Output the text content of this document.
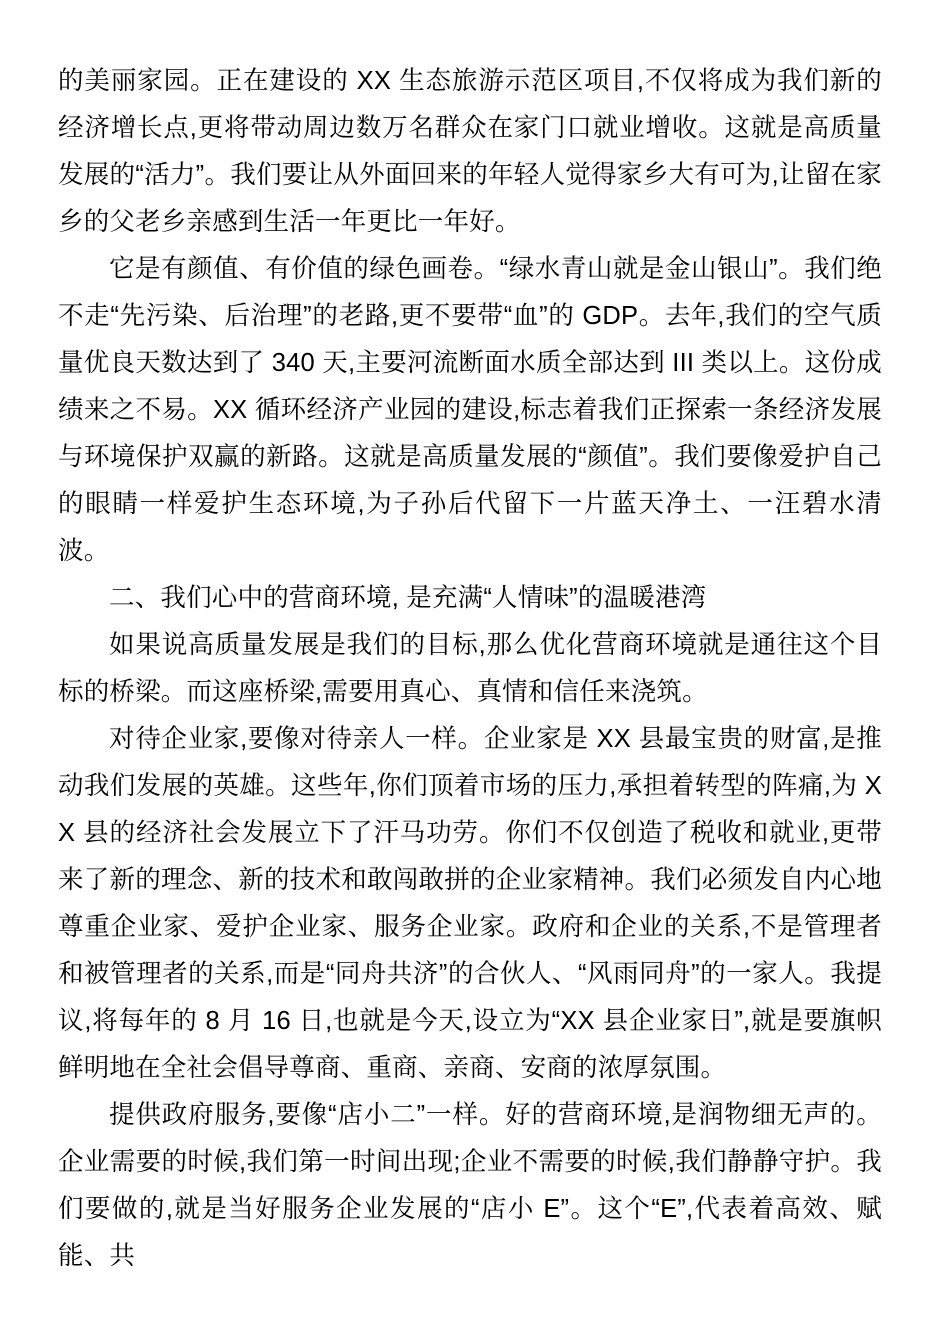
的美丽家园。正在建设的 XX 生态旅游示范区项目,不仅将成为我们新的经济增长点,更将带动周边数万名群众在家门口就业增收。这就是高质量发展的“活力”。我们要让从外面回来的年轻人觉得家乡大有可为,让留在家乡的父老乡亲感到生活一年更比一年好。

它是有颜值、有价值的绿色画卷。“绿水青山就是金山银山”。我们绝不走“先污染、后治理”的老路,更不要带“血”的 GDP。去年,我们的空气质量优良天数达到了 340 天,主要河流断面水质全部达到 III 类以上。这份成绩来之不易。XX 循环经济产业园的建设,标志着我们正探索一条经济发展与环境保护双赢的新路。这就是高质量发展的“颜值”。我们要像爱护自己的眼睛一样爱护生态环境,为子孙后代留下一片蓝天净土、一汪碧水清波。

二、我们心中的营商环境, 是充满“人情味”的温暖港湾

如果说高质量发展是我们的目标,那么优化营商环境就是通往这个目标的桥梁。而这座桥梁,需要用真心、真情和信任来浇筑。

对待企业家,要像对待亲人一样。企业家是 XX 县最宝贵的财富,是推动我们发展的英雄。这些年,你们顶着市场的压力,承担着转型的阵痛,为 XX 县的经济社会发展立下了汗马功劳。你们不仅创造了税收和就业,更带来了新的理念、新的技术和敢闯敢拼的企业家精神。我们必须发自内心地尊重企业家、爱护企业家、服务企业家。政府和企业的关系,不是管理者和被管理者的关系,而是“同舟共济”的合伙人、“风雨同舟”的一家人。我提议,将每年的 8 月 16 日,也就是今天,设立为“XX 县企业家日”,就是要旗帜鲜明地在全社会倡导尊商、重商、亲商、安商的浓厚氛围。

提供政府服务,要像“店小二”一样。好的营商环境,是润物细无声的。企业需要的时候,我们第一时间出现;企业不需要的时候,我们静静守护。我们要做的,就是当好服务企业发展的“店小 E”。这个“E”,代表着高效、赋能、共
